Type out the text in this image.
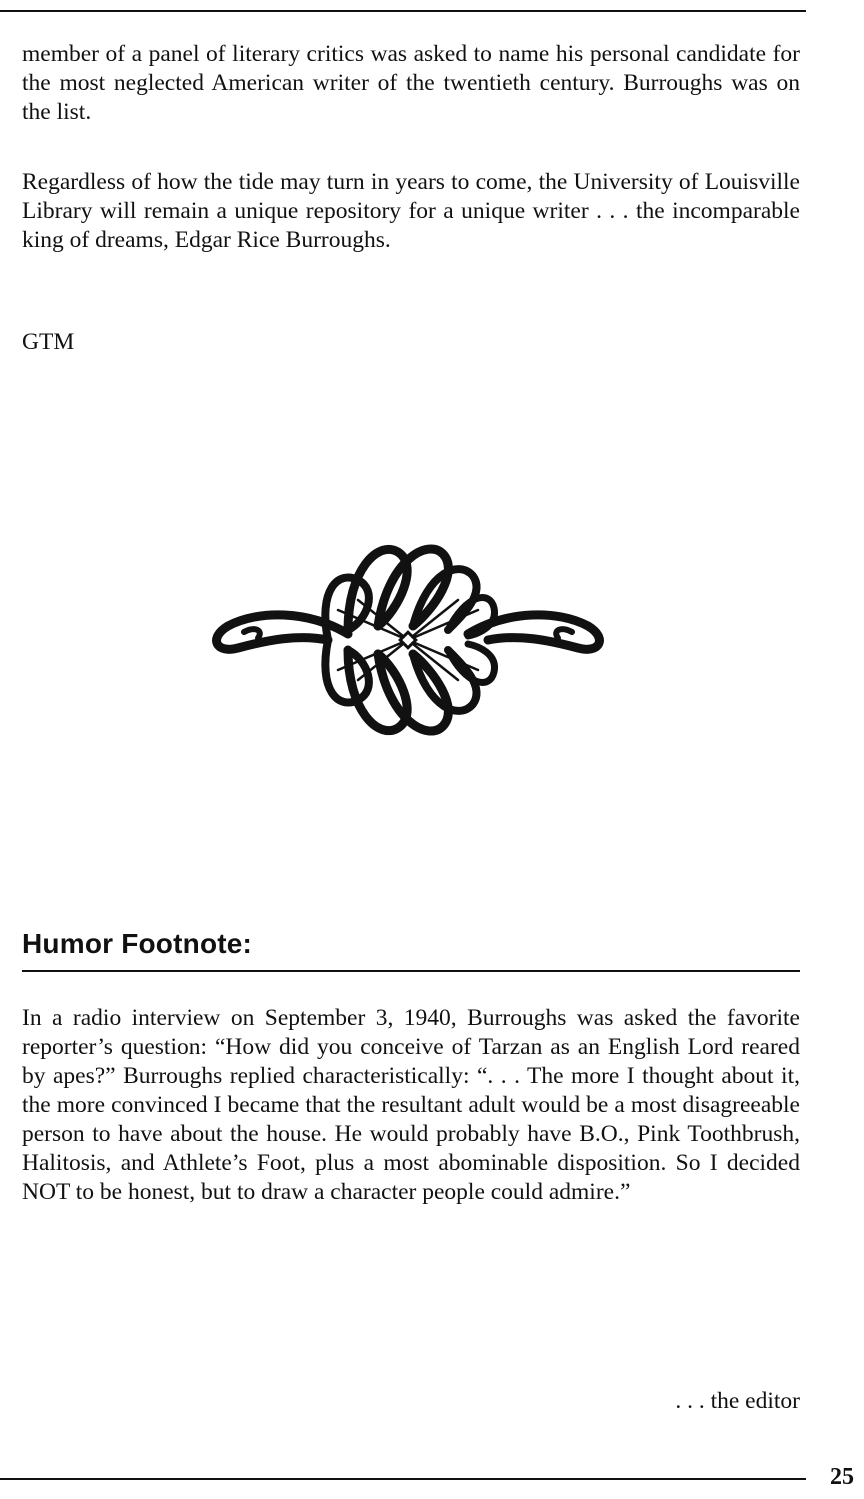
member of a panel of literary critics was asked to name his personal candidate for the most neglected American writer of the twentieth century. Burroughs was on the list.

Regardless of how the tide may turn in years to come, the University of Louisville Library will remain a unique repository for a unique writer . . . the incomparable king of dreams, Edgar Rice Burroughs.

GTM

Humor Footnote:

In a radio interview on September 3, 1940, Burroughs was asked the favorite reporter’s question: “How did you conceive of Tarzan as an English Lord reared by apes?” Burroughs replied characteristically: “. . . The more I thought about it, the more convinced I became that the resultant adult would be a most disagreeable person to have about the house. He would probably have B.O., Pink Toothbrush, Halitosis, and Athlete’s Foot, plus a most abominable disposition. So I decided NOT to be honest, but to draw a character people could admire.”

. . . the editor
25
